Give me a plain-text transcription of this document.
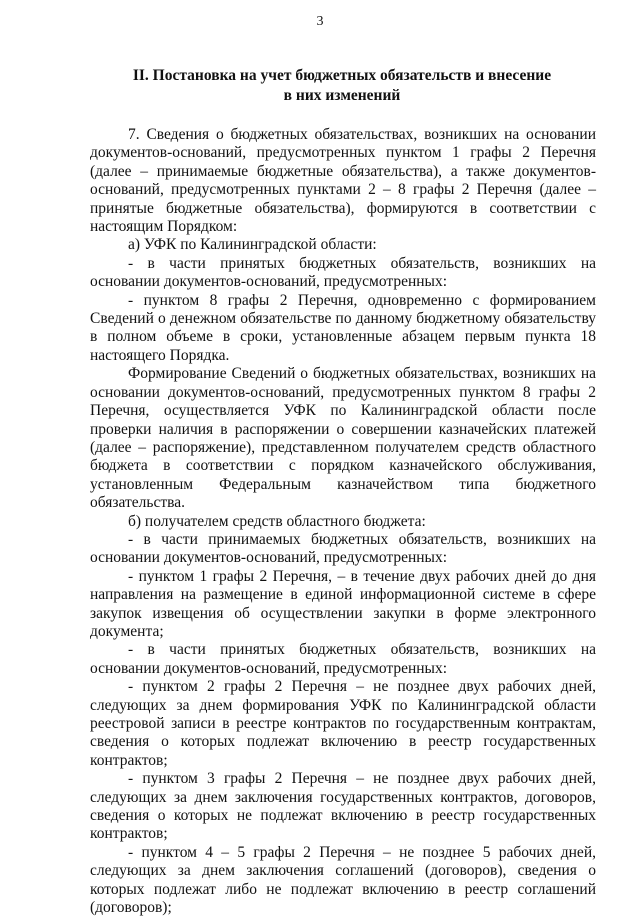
3
II. Постановка на учет бюджетных обязательств и внесение
в них изменений

7. Сведения о бюджетных обязательствах, возникших на основании документов-оснований, предусмотренных пунктом 1 графы 2 Перечня (далее – принимаемые бюджетные обязательства), а также документов-оснований, предусмотренных пунктами 2 – 8 графы 2 Перечня (далее – принятые бюджетные обязательства), формируются в соответствии с настоящим Порядком:

а) УФК по Калининградской области:

- в части принятых бюджетных обязательств, возникших на основании документов-оснований, предусмотренных:

- пунктом 8 графы 2 Перечня, одновременно с формированием Сведений о денежном обязательстве по данному бюджетному обязательству в полном объеме в сроки, установленные абзацем первым пункта 18 настоящего Порядка.

Формирование Сведений о бюджетных обязательствах, возникших на основании документов-оснований, предусмотренных пунктом 8 графы 2 Перечня, осуществляется УФК по Калининградской области после проверки наличия в распоряжении о совершении казначейских платежей (далее – распоряжение), представленном получателем средств областного бюджета в соответствии с порядком казначейского обслуживания, установленным Федеральным казначейством типа бюджетного обязательства.

б) получателем средств областного бюджета:

- в части принимаемых бюджетных обязательств, возникших на основании документов-оснований, предусмотренных:

- пунктом 1 графы 2 Перечня, – в течение двух рабочих дней до дня направления на размещение в единой информационной системе в сфере закупок извещения об осуществлении закупки в форме электронного документа;

- в части принятых бюджетных обязательств, возникших на основании документов-оснований, предусмотренных:

- пунктом 2 графы 2 Перечня – не позднее двух рабочих дней, следующих за днем формирования УФК по Калининградской области реестровой записи в реестре контрактов по государственным контрактам, сведения о которых подлежат включению в реестр государственных контрактов;

- пунктом 3 графы 2 Перечня – не позднее двух рабочих дней, следующих за днем заключения государственных контрактов, договоров, сведения о которых не подлежат включению в реестр государственных контрактов;

- пунктом 4 – 5 графы 2 Перечня – не позднее 5 рабочих дней, следующих за днем заключения соглашений (договоров), сведения о которых подлежат либо не подлежат включению в реестр соглашений (договоров);
